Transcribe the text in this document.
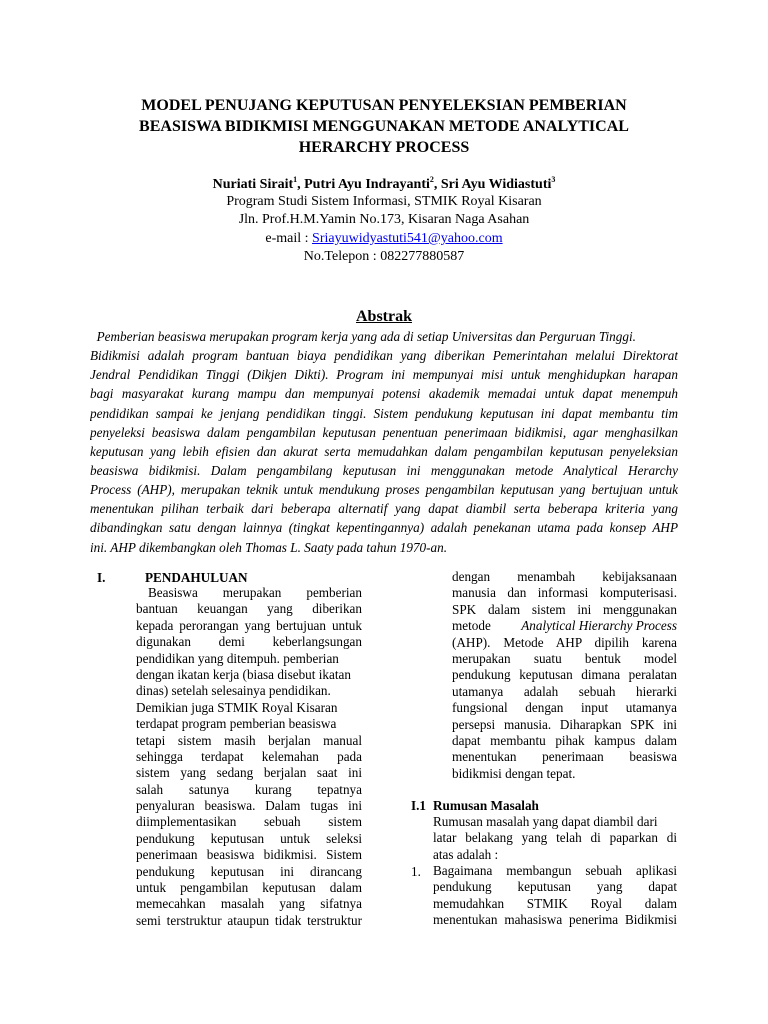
MODEL PENUJANG KEPUTUSAN PENYELEKSIAN PEMBERIAN
BEASISWA BIDIKMISI MENGGUNAKAN METODE ANALYTICAL
HERARCHY PROCESS
Nuriati Sirait$^1$, Putri Ayu Indrayanti$^2$, Sri Ayu Widiastuti$^3$
Program Studi Sistem Informasi, STMIK Royal Kisaran
Jln. Prof.H.M.Yamin No.173, Kisaran Naga Asahan
e-mail : Sriayuwidyastuti541@yahoo.com
No.Telepon : 082277880587
Abstrak
Pemberian beasiswa merupakan program kerja yang ada di setiap Universitas dan Perguruan Tinggi.
Bidikmisi adalah program bantuan biaya pendidikan yang diberikan Pemerintahan melalui Direktorat
Jendral Pendidikan Tinggi (Dikjen Dikti). Program ini mempunyai misi untuk menghidupkan harapan
bagi masyarakat kurang mampu dan mempunyai potensi akademik memadai untuk dapat menempuh
pendidikan sampai ke jenjang pendidikan tinggi. Sistem pendukung keputusan ini dapat membantu tim
penyeleksi beasiswa dalam pengambilan keputusan penentuan penerimaan bidikmisi, agar menghasilkan
keputusan yang lebih efisien dan akurat serta memudahkan dalam pengambilan keputusan penyeleksian
beasiswa bidikmisi. Dalam pengambilang keputusan ini menggunakan metode Analytical Herarchy
Process (AHP), merupakan teknik untuk mendukung proses pengambilan keputusan yang bertujuan untuk
menentukan pilihan terbaik dari beberapa alternatif yang dapat diambil serta beberapa kriteria yang
dibandingkan satu dengan lainnya (tingkat kepentingannya) adalah penekanan utama pada konsep AHP
ini. AHP dikembangkan oleh Thomas L. Saaty pada tahun 1970-an.
I.	PENDAHULUAN
Beasiswa merupakan pemberian
bantuan keuangan yang diberikan
kepada perorangan yang bertujuan untuk
digunakan demi keberlangsungan
pendidikan yang ditempuh. pemberian
dengan ikatan kerja (biasa disebut ikatan
dinas) setelah selesainya pendidikan.
Demikian juga STMIK Royal Kisaran
terdapat program pemberian beasiswa
tetapi sistem masih berjalan manual
sehingga terdapat kelemahan pada
sistem yang sedang berjalan saat ini
salah satunya kurang tepatnya
penyaluran beasiswa. Dalam tugas ini
diimplementasikan sebuah sistem
pendukung keputusan untuk seleksi
penerimaan beasiswa bidikmisi. Sistem
pendukung keputusan ini dirancang
untuk pengambilan keputusan dalam
memecahkan masalah yang sifatnya
semi terstruktur ataupun tidak terstruktur
dengan menambah kebijaksanaan
manusia dan informasi komputerisasi.
SPK dalam sistem ini menggunakan
metode Analytical Hierarchy Process
(AHP). Metode AHP dipilih karena
merupakan suatu bentuk model
pendukung keputusan dimana peralatan
utamanya adalah sebuah hierarki
fungsional dengan input utamanya
persepsi manusia. Diharapkan SPK ini
dapat membantu pihak kampus dalam
menentukan penerimaan beasiswa
bidikmisi dengan tepat.
I.1 Rumusan Masalah
Rumusan masalah yang dapat diambil dari
latar belakang yang telah di paparkan di
atas adalah :
1. Bagaimana membangun sebuah aplikasi
pendukung keputusan yang dapat
memudahkan STMIK Royal dalam
menentukan mahasiswa penerima Bidikmisi
